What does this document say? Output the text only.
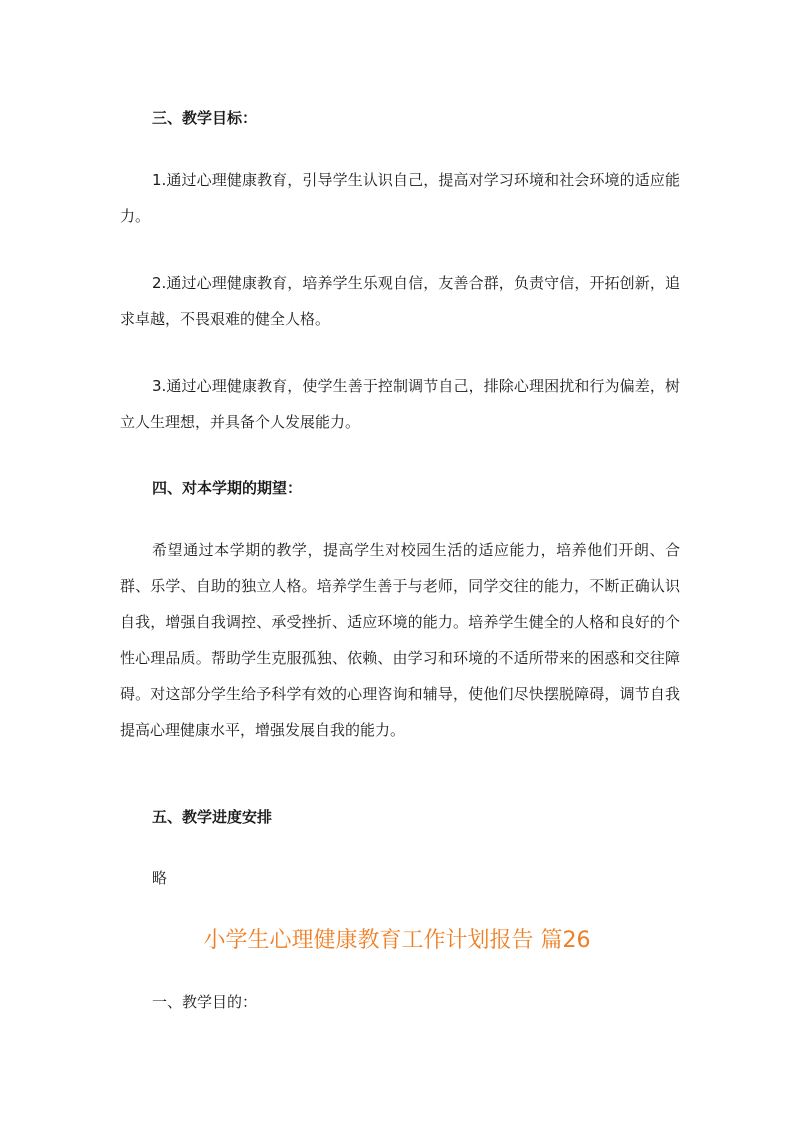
三、教学目标：

1.通过心理健康教育，引导学生认识自己，提高对学习环境和社会环境的适应能力。

2.通过心理健康教育，培养学生乐观自信，友善合群，负责守信，开拓创新，追求卓越，不畏艰难的健全人格。

3.通过心理健康教育，使学生善于控制调节自己，排除心理困扰和行为偏差，树立人生理想，并具备个人发展能力。

四、对本学期的期望：

希望通过本学期的教学，提高学生对校园生活的适应能力，培养他们开朗、合群、乐学、自助的独立人格。培养学生善于与老师，同学交往的能力，不断正确认识自我，增强自我调控、承受挫折、适应环境的能力。培养学生健全的人格和良好的个性心理品质。帮助学生克服孤独、依赖、由学习和环境的不适所带来的困惑和交往障碍。对这部分学生给予科学有效的心理咨询和辅导，使他们尽快摆脱障碍，调节自我提高心理健康水平，增强发展自我的能力。

五、教学进度安排

略

小学生心理健康教育工作计划报告 篇26

一、教学目的：
